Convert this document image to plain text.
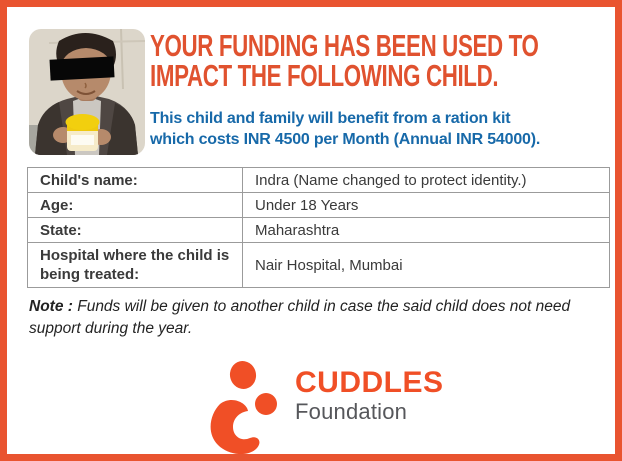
YOUR FUNDING HAS BEEN USED TO
IMPACT THE FOLLOWING CHILD.
This child and family will benefit from a ration kit
which costs INR 4500 per Month (Annual INR 54000).
Child's name:	Indra (Name changed to protect identity.)
Age:	Under 18 Years
State:	Maharashtra
Hospital where the child is being treated:	Nair Hospital, Mumbai

Note : Funds will be given to another child in case the said child does not need support during the year.

CUDDLES
Foundation
